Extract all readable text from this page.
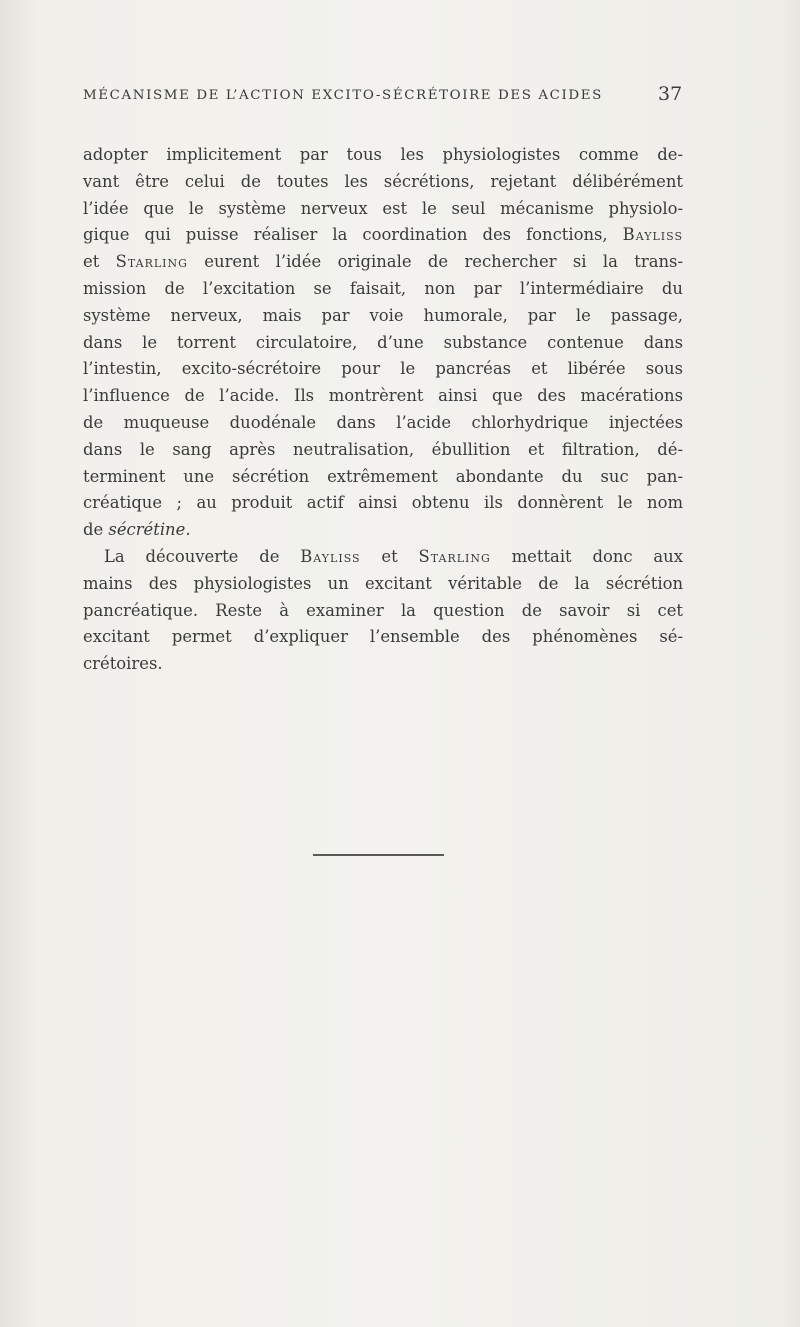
MÉCANISME DE L’ACTION EXCITO-SÉCRÉTOIRE DES ACIDES	37
adopter implicitement par tous les physiologistes comme de-
vant être celui de toutes les sécrétions, rejetant délibérément
l’idée que le système nerveux est le seul mécanisme physiolo-
gique qui puisse réaliser la coordination des fonctions, Bayliss
et Starling eurent l’idée originale de rechercher si la trans-
mission de l’excitation se faisait, non par l’intermédiaire du
système nerveux, mais par voie humorale, par le passage,
dans le torrent circulatoire, d’une substance contenue dans
l’intestin, excito-sécrétoire pour le pancréas et libérée sous
l’influence de l’acide. Ils montrèrent ainsi que des macérations
de muqueuse duodénale dans l’acide chlorhydrique injectées
dans le sang après neutralisation, ébullition et filtration, dé-
terminent une sécrétion extrêmement abondante du suc pan-
créatique ; au produit actif ainsi obtenu ils donnèrent le nom
de sécrétine.
La découverte de Bayliss et Starling mettait donc aux
mains des physiologistes un excitant véritable de la sécrétion
pancréatique. Reste à examiner la question de savoir si cet
excitant permet d’expliquer l’ensemble des phénomènes sé-
crétoires.
